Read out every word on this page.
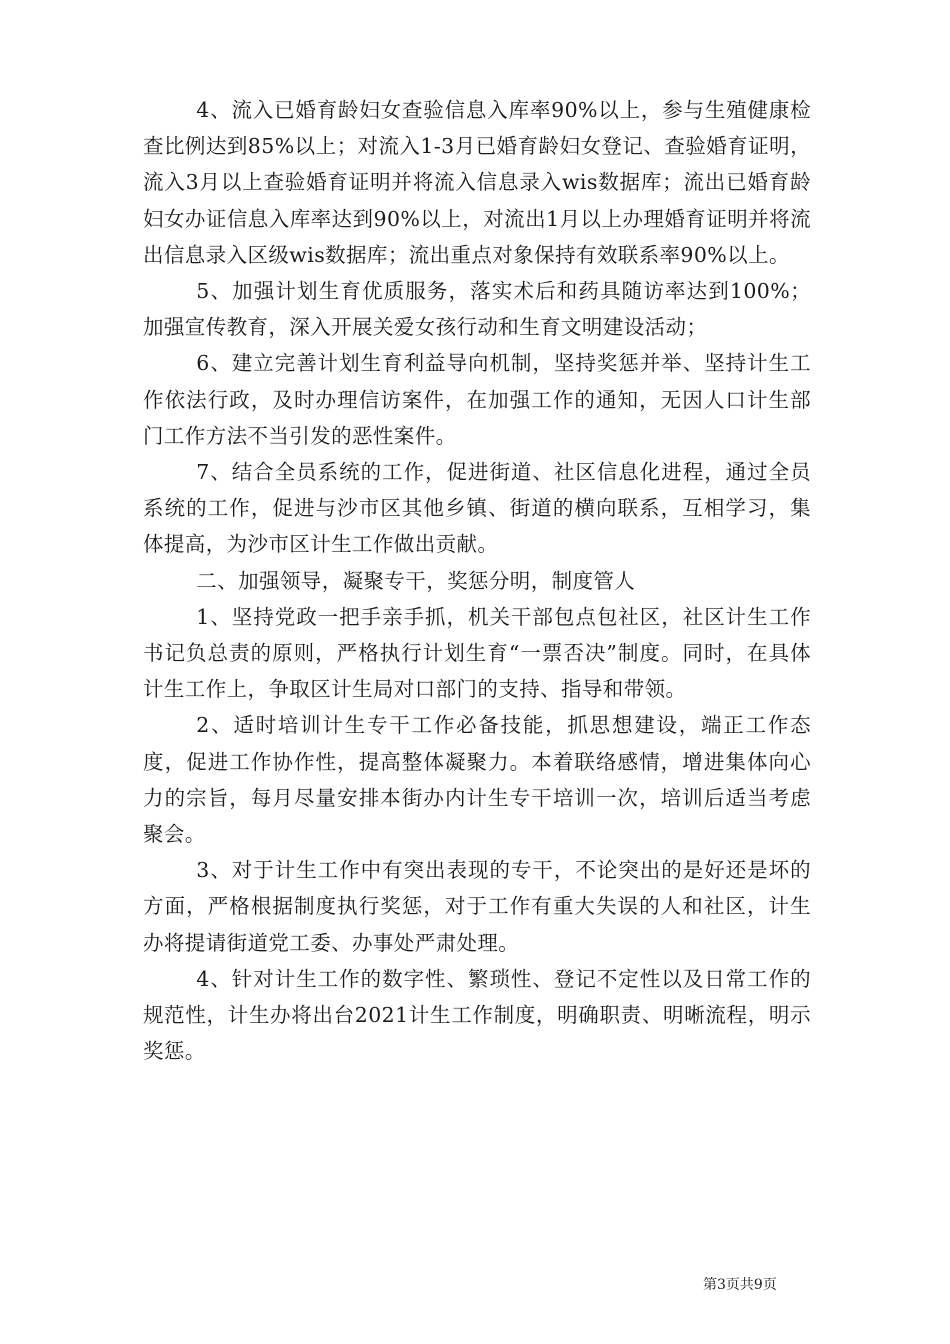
4、流入已婚育龄妇女查验信息入库率90%以上，参与生殖健康检查比例达到85%以上；对流入1-3月已婚育龄妇女登记、查验婚育证明，流入3月以上查验婚育证明并将流入信息录入wis数据库；流出已婚育龄妇女办证信息入库率达到90%以上，对流出1月以上办理婚育证明并将流出信息录入区级wis数据库；流出重点对象保持有效联系率90%以上。

5、加强计划生育优质服务，落实术后和药具随访率达到100%；加强宣传教育，深入开展关爱女孩行动和生育文明建设活动；

6、建立完善计划生育利益导向机制，坚持奖惩并举、坚持计生工作依法行政，及时办理信访案件，在加强工作的通知，无因人口计生部门工作方法不当引发的恶性案件。

7、结合全员系统的工作，促进街道、社区信息化进程，通过全员系统的工作，促进与沙市区其他乡镇、街道的横向联系，互相学习，集体提高，为沙市区计生工作做出贡献。

二、加强领导，凝聚专干，奖惩分明，制度管人

1、坚持党政一把手亲手抓，机关干部包点包社区，社区计生工作书记负总责的原则，严格执行计划生育“一票否决”制度。同时，在具体计生工作上，争取区计生局对口部门的支持、指导和带领。

2、适时培训计生专干工作必备技能，抓思想建设，端正工作态度，促进工作协作性，提高整体凝聚力。本着联络感情，增进集体向心力的宗旨，每月尽量安排本街办内计生专干培训一次，培训后适当考虑聚会。

3、对于计生工作中有突出表现的专干，不论突出的是好还是坏的方面，严格根据制度执行奖惩，对于工作有重大失误的人和社区，计生办将提请街道党工委、办事处严肃处理。

4、针对计生工作的数字性、繁琐性、登记不定性以及日常工作的规范性，计生办将出台2021计生工作制度，明确职责、明晰流程，明示奖惩。

第3页共9页
